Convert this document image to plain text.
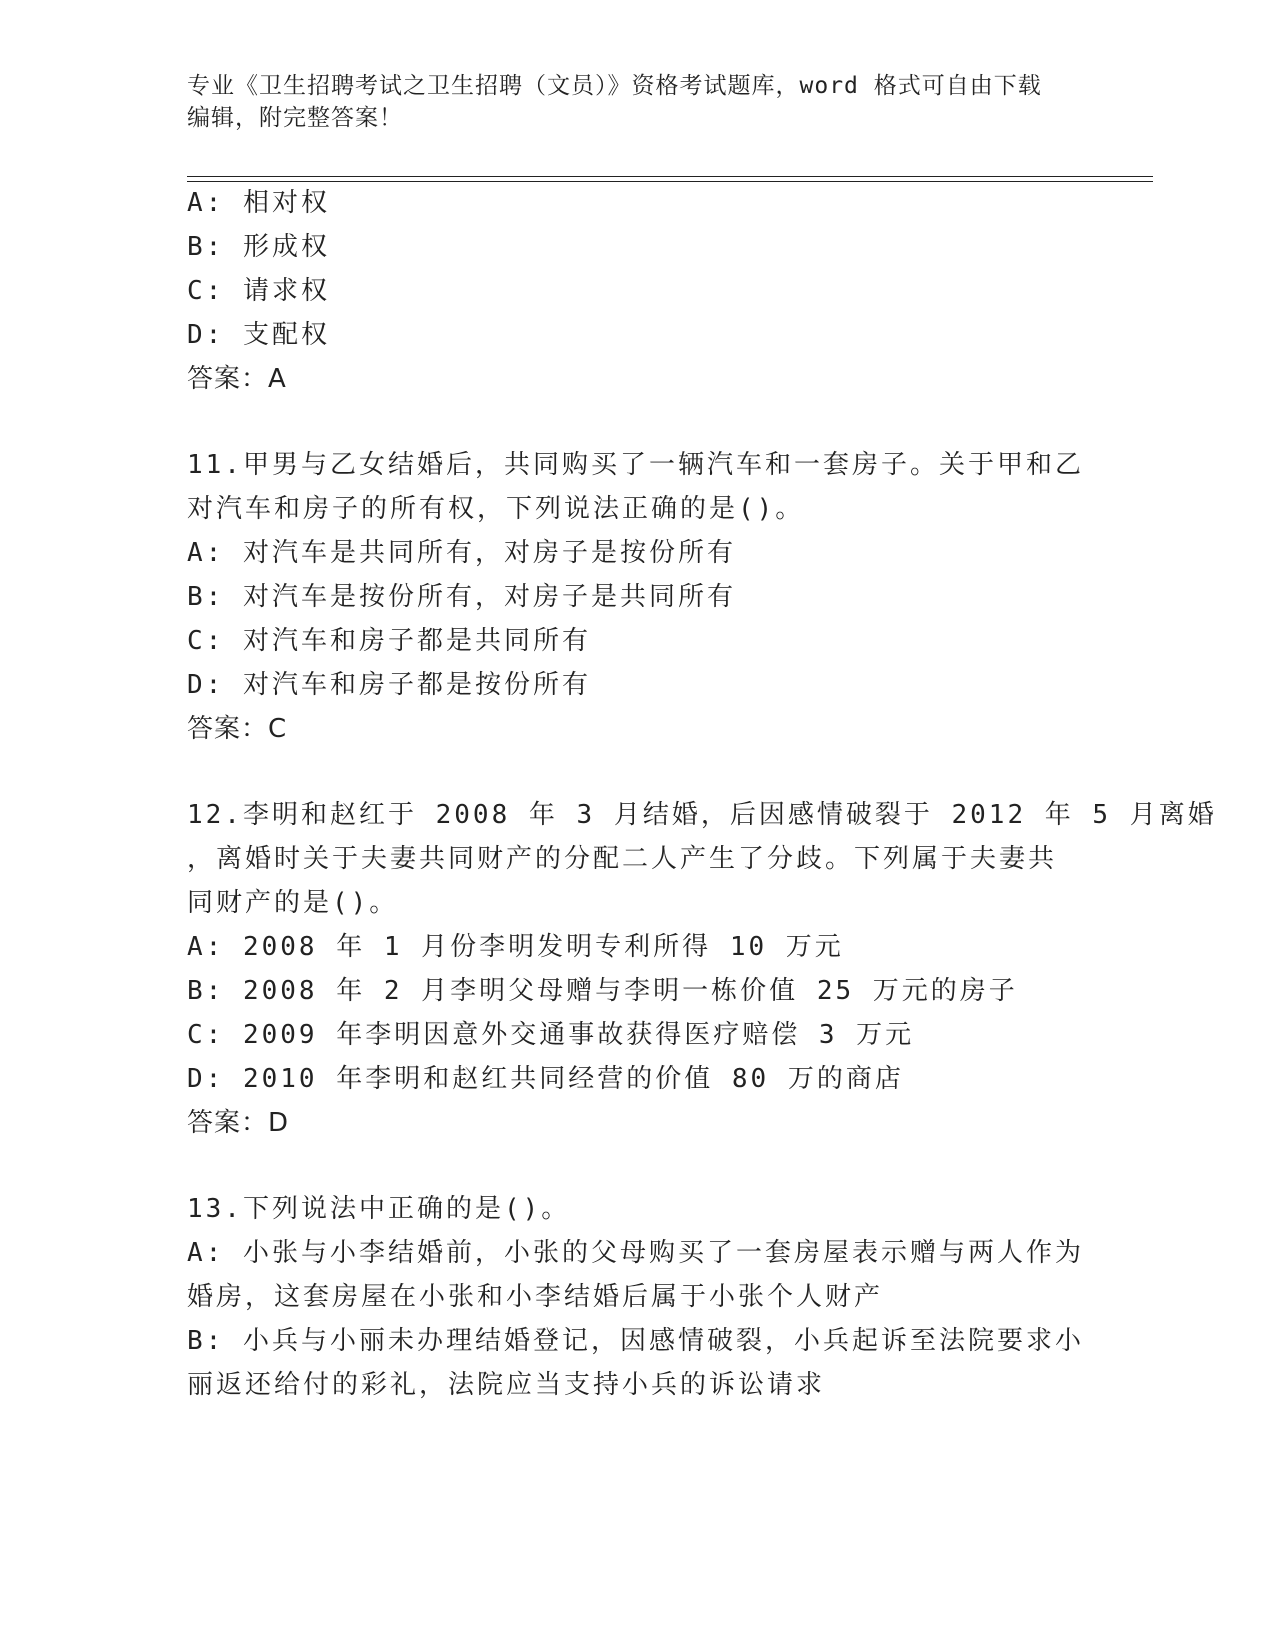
专业《卫生招聘考试之卫生招聘（文员）》资格考试题库，word 格式可自由下载
编辑，附完整答案！
A: 相对权
B: 形成权
C: 请求权
D: 支配权
答案：A
11.甲男与乙女结婚后，共同购买了一辆汽车和一套房子。关于甲和乙
对汽车和房子的所有权，下列说法正确的是()。
A: 对汽车是共同所有，对房子是按份所有
B: 对汽车是按份所有，对房子是共同所有
C: 对汽车和房子都是共同所有
D: 对汽车和房子都是按份所有
答案：C
12.李明和赵红于 2008 年 3 月结婚，后因感情破裂于 2012 年 5 月离婚
，离婚时关于夫妻共同财产的分配二人产生了分歧。下列属于夫妻共
同财产的是()。
A: 2008 年 1 月份李明发明专利所得 10 万元
B: 2008 年 2 月李明父母赠与李明一栋价值 25 万元的房子
C: 2009 年李明因意外交通事故获得医疗赔偿 3 万元
D: 2010 年李明和赵红共同经营的价值 80 万的商店
答案：D
13.下列说法中正确的是()。
A: 小张与小李结婚前，小张的父母购买了一套房屋表示赠与两人作为
婚房，这套房屋在小张和小李结婚后属于小张个人财产
B: 小兵与小丽未办理结婚登记，因感情破裂，小兵起诉至法院要求小
丽返还给付的彩礼，法院应当支持小兵的诉讼请求
